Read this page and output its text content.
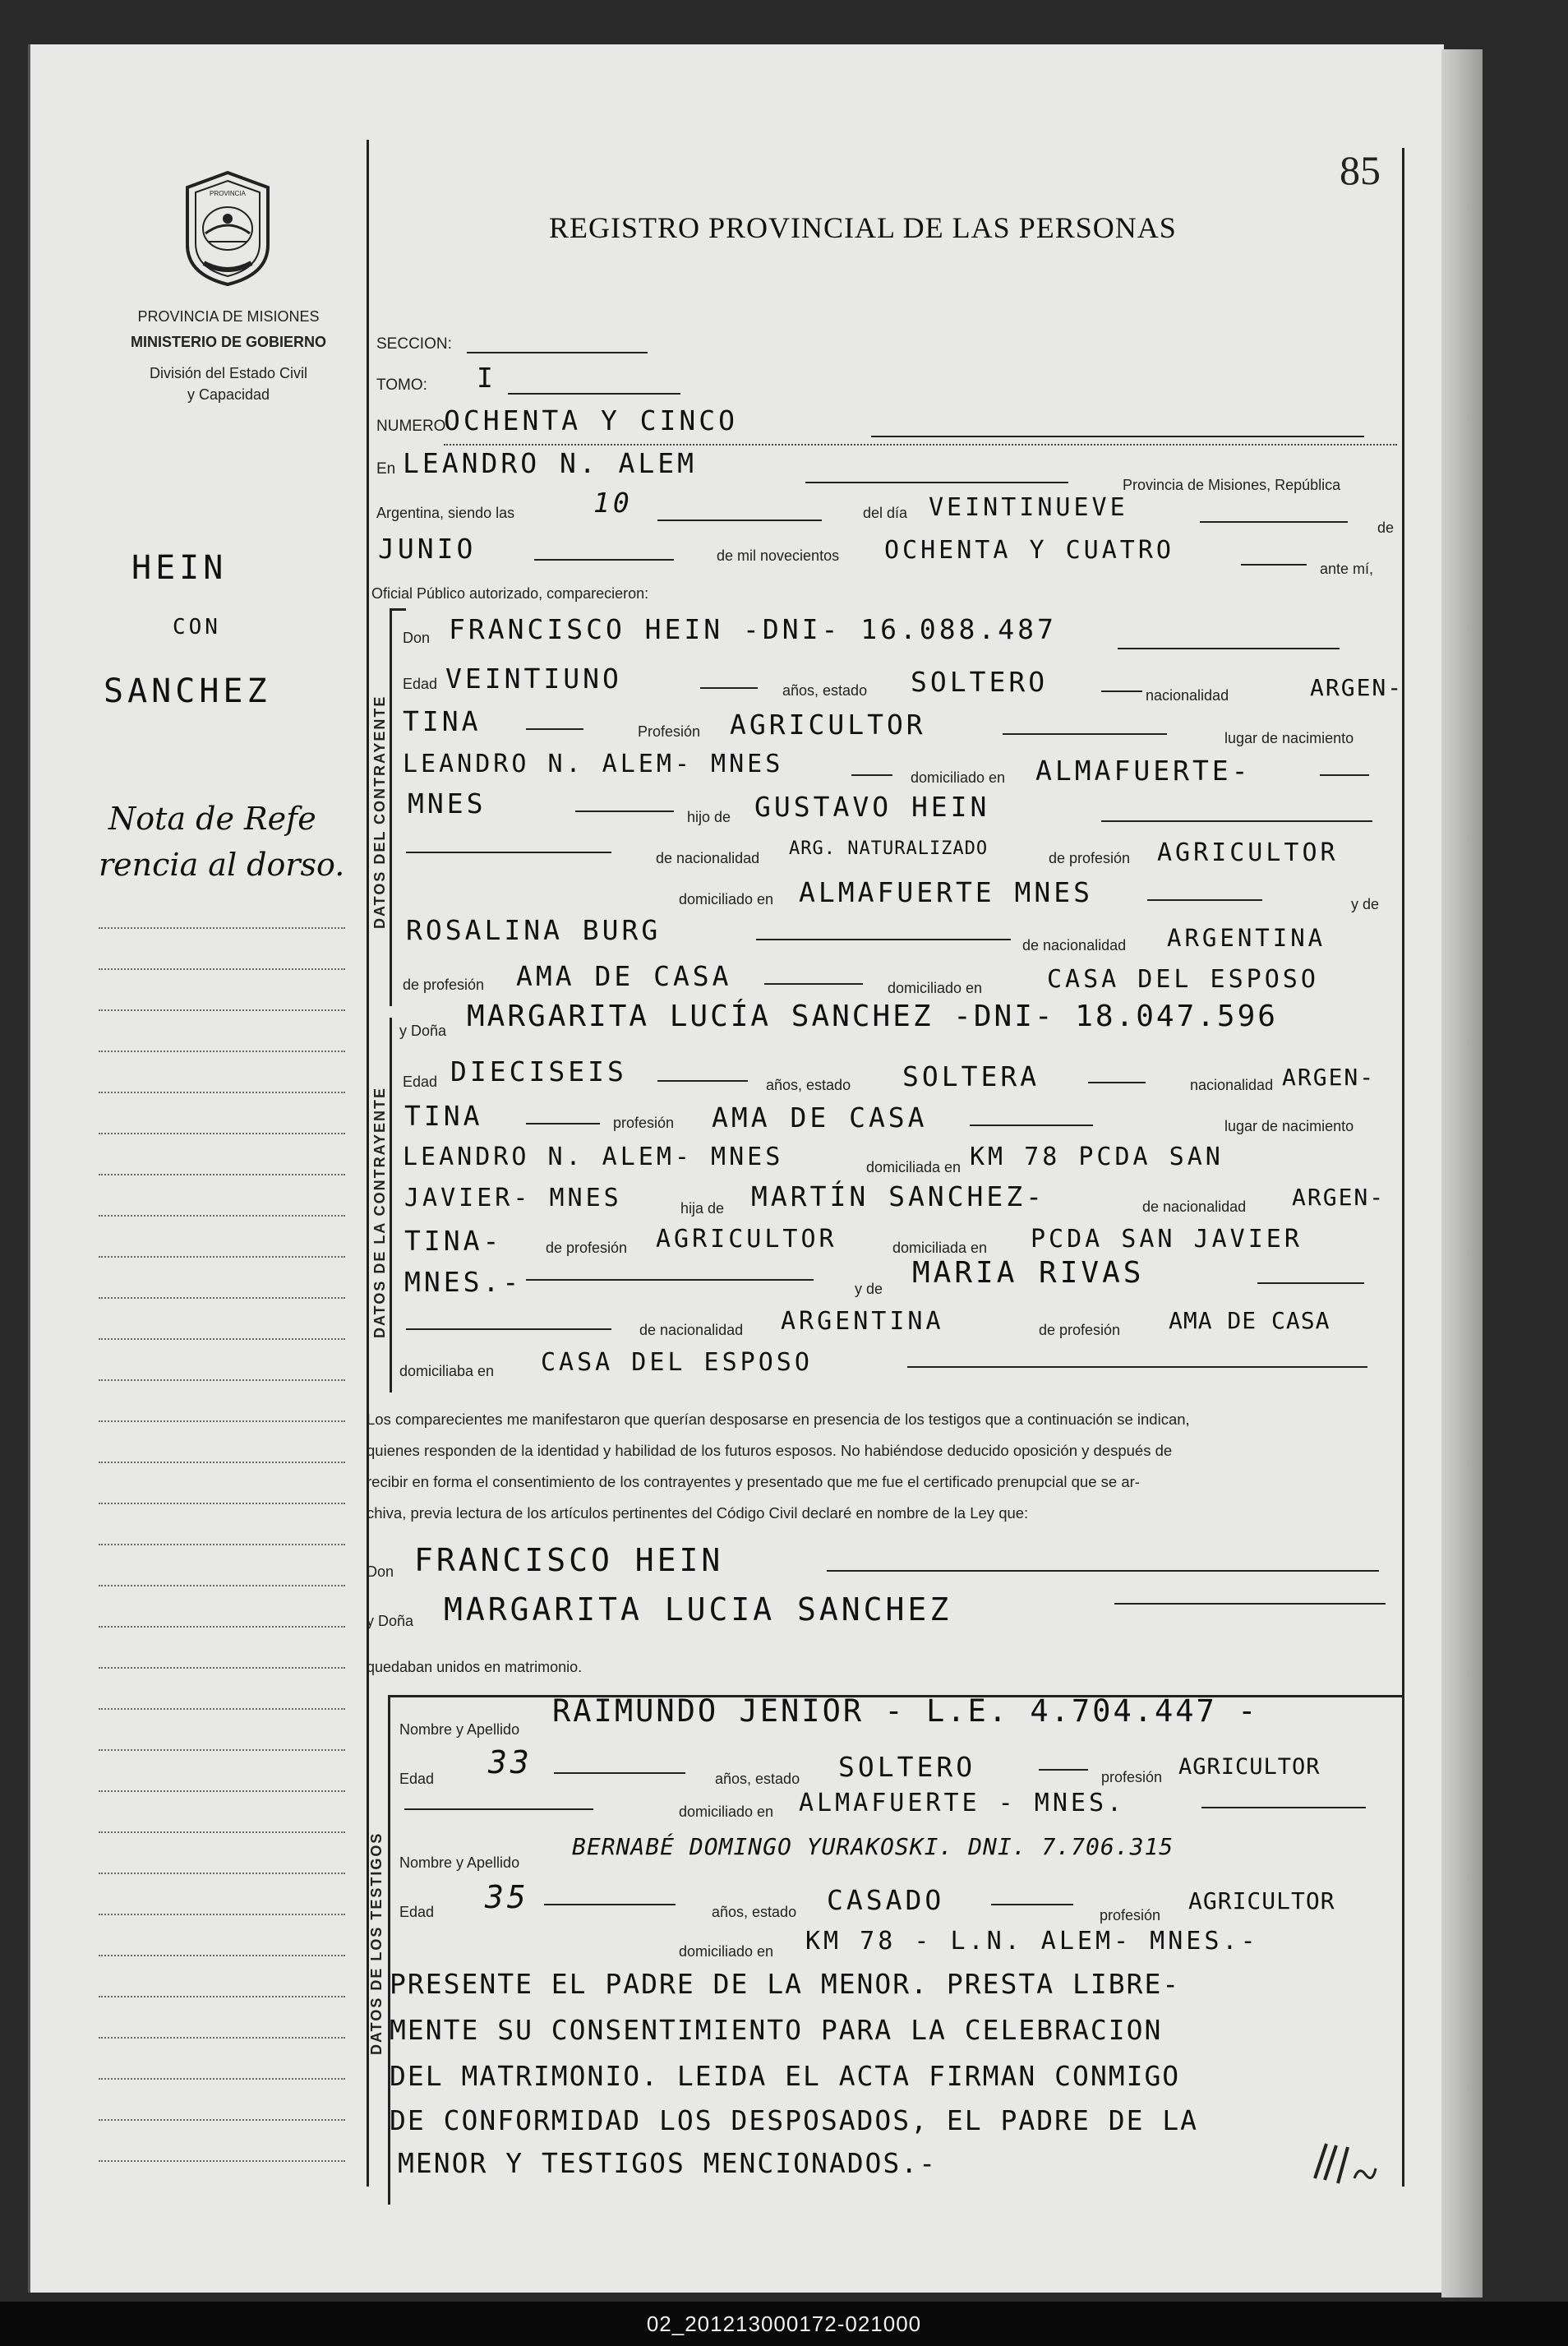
85
PROVINCIA
PROVINCIA DE MISIONES
MINISTERIO DE GOBIERNO
División del Estado Civil
y Capacidad
REGISTRO PROVINCIAL DE LAS PERSONAS
HEIN
CON
SANCHEZ
Nota de Refe
rencia al dorso.
SECCION:
TOMO: I
NUMERO
OCHENTA Y CINCO
En LEANDRO N. ALEM
Provincia de Misiones, República
Argentina, siendo las	10	del día VEINTINUEVE
de
JUNIO	de mil novecientos OCHENTA Y CUATRO
ante mí,
Oficial Público autorizado, comparecieron:
DATOS DEL CONTRAYENTE
Don FRANCISCO HEIN -DNI- 16.088.487
Edad VEINTIUNO	años, estado SOLTERO	nacionalidad	ARGEN-
TINA	Profesión AGRICULTOR	lugar de nacimiento
LEANDRO N. ALEM- MNES	domiciliado en ALMAFUERTE-
MNES	hijo de GUSTAVO HEIN
de nacionalidad ARG. NATURALIZADO	de profesión AGRICULTOR
domiciliado en ALMAFUERTE MNES	y de
ROSALINA BURG	de nacionalidad ARGENTINA
de profesión AMA DE CASA	domiciliado en	CASA DEL ESPOSO
DATOS DE LA CONTRAYENTE
y Doña MARGARITA LUCÍA SANCHEZ -DNI- 18.047.596
Edad DIECISEIS	años, estado SOLTERA	nacionalidad ARGEN-
TINA	profesión AMA DE CASA	lugar de nacimiento
LEANDRO N. ALEM- MNES	domiciliada en KM 78 PCDA SAN
JAVIER- MNES	hija de MARTÍN SANCHEZ-	de nacionalidad ARGEN-
TINA-	de profesión AGRICULTOR	domiciliada en PCDA SAN JAVIER
MNES.-	y de MARIA RIVAS
de nacionalidad ARGENTINA	de profesión AMA DE CASA
domiciliaba en CASA DEL ESPOSO
Los comparecientes me manifestaron que querían desposarse en presencia de los testigos que a continuación se indican,
quienes responden de la identidad y habilidad de los futuros esposos. No habiéndose deducido oposición y después de
recibir en forma el consentimiento de los contrayentes y presentado que me fue el certificado prenupcial que se ar-
chiva, previa lectura de los artículos pertinentes del Código Civil declaré en nombre de la Ley que:
Don FRANCISCO HEIN
y Doña MARGARITA LUCIA SANCHEZ
quedaban unidos en matrimonio.
DATOS DE LOS TESTIGOS
Nombre y Apellido
RAIMUNDO JENIOR - L.E. 4.704.447 -
Edad 33	años, estado SOLTERO	profesión AGRICULTOR
domiciliado en ALMAFUERTE - MNES.
Nombre y Apellido
BERNABÉ DOMINGO YURAKOSKI. DNI. 7.706.315
Edad 35	años, estado CASADO	profesión
AGRICULTOR
domiciliado en KM 78 - L.N. ALEM- MNES.-
PRESENTE EL PADRE DE LA MENOR. PRESTA LIBRE-
MENTE SU CONSENTIMIENTO PARA LA CELEBRACION
DEL MATRIMONIO. LEIDA EL ACTA FIRMAN CONMIGO
DE CONFORMIDAD LOS DESPOSADOS, EL PADRE DE LA
MENOR Y TESTIGOS MENCIONADOS.-
02_201213000172-021000
